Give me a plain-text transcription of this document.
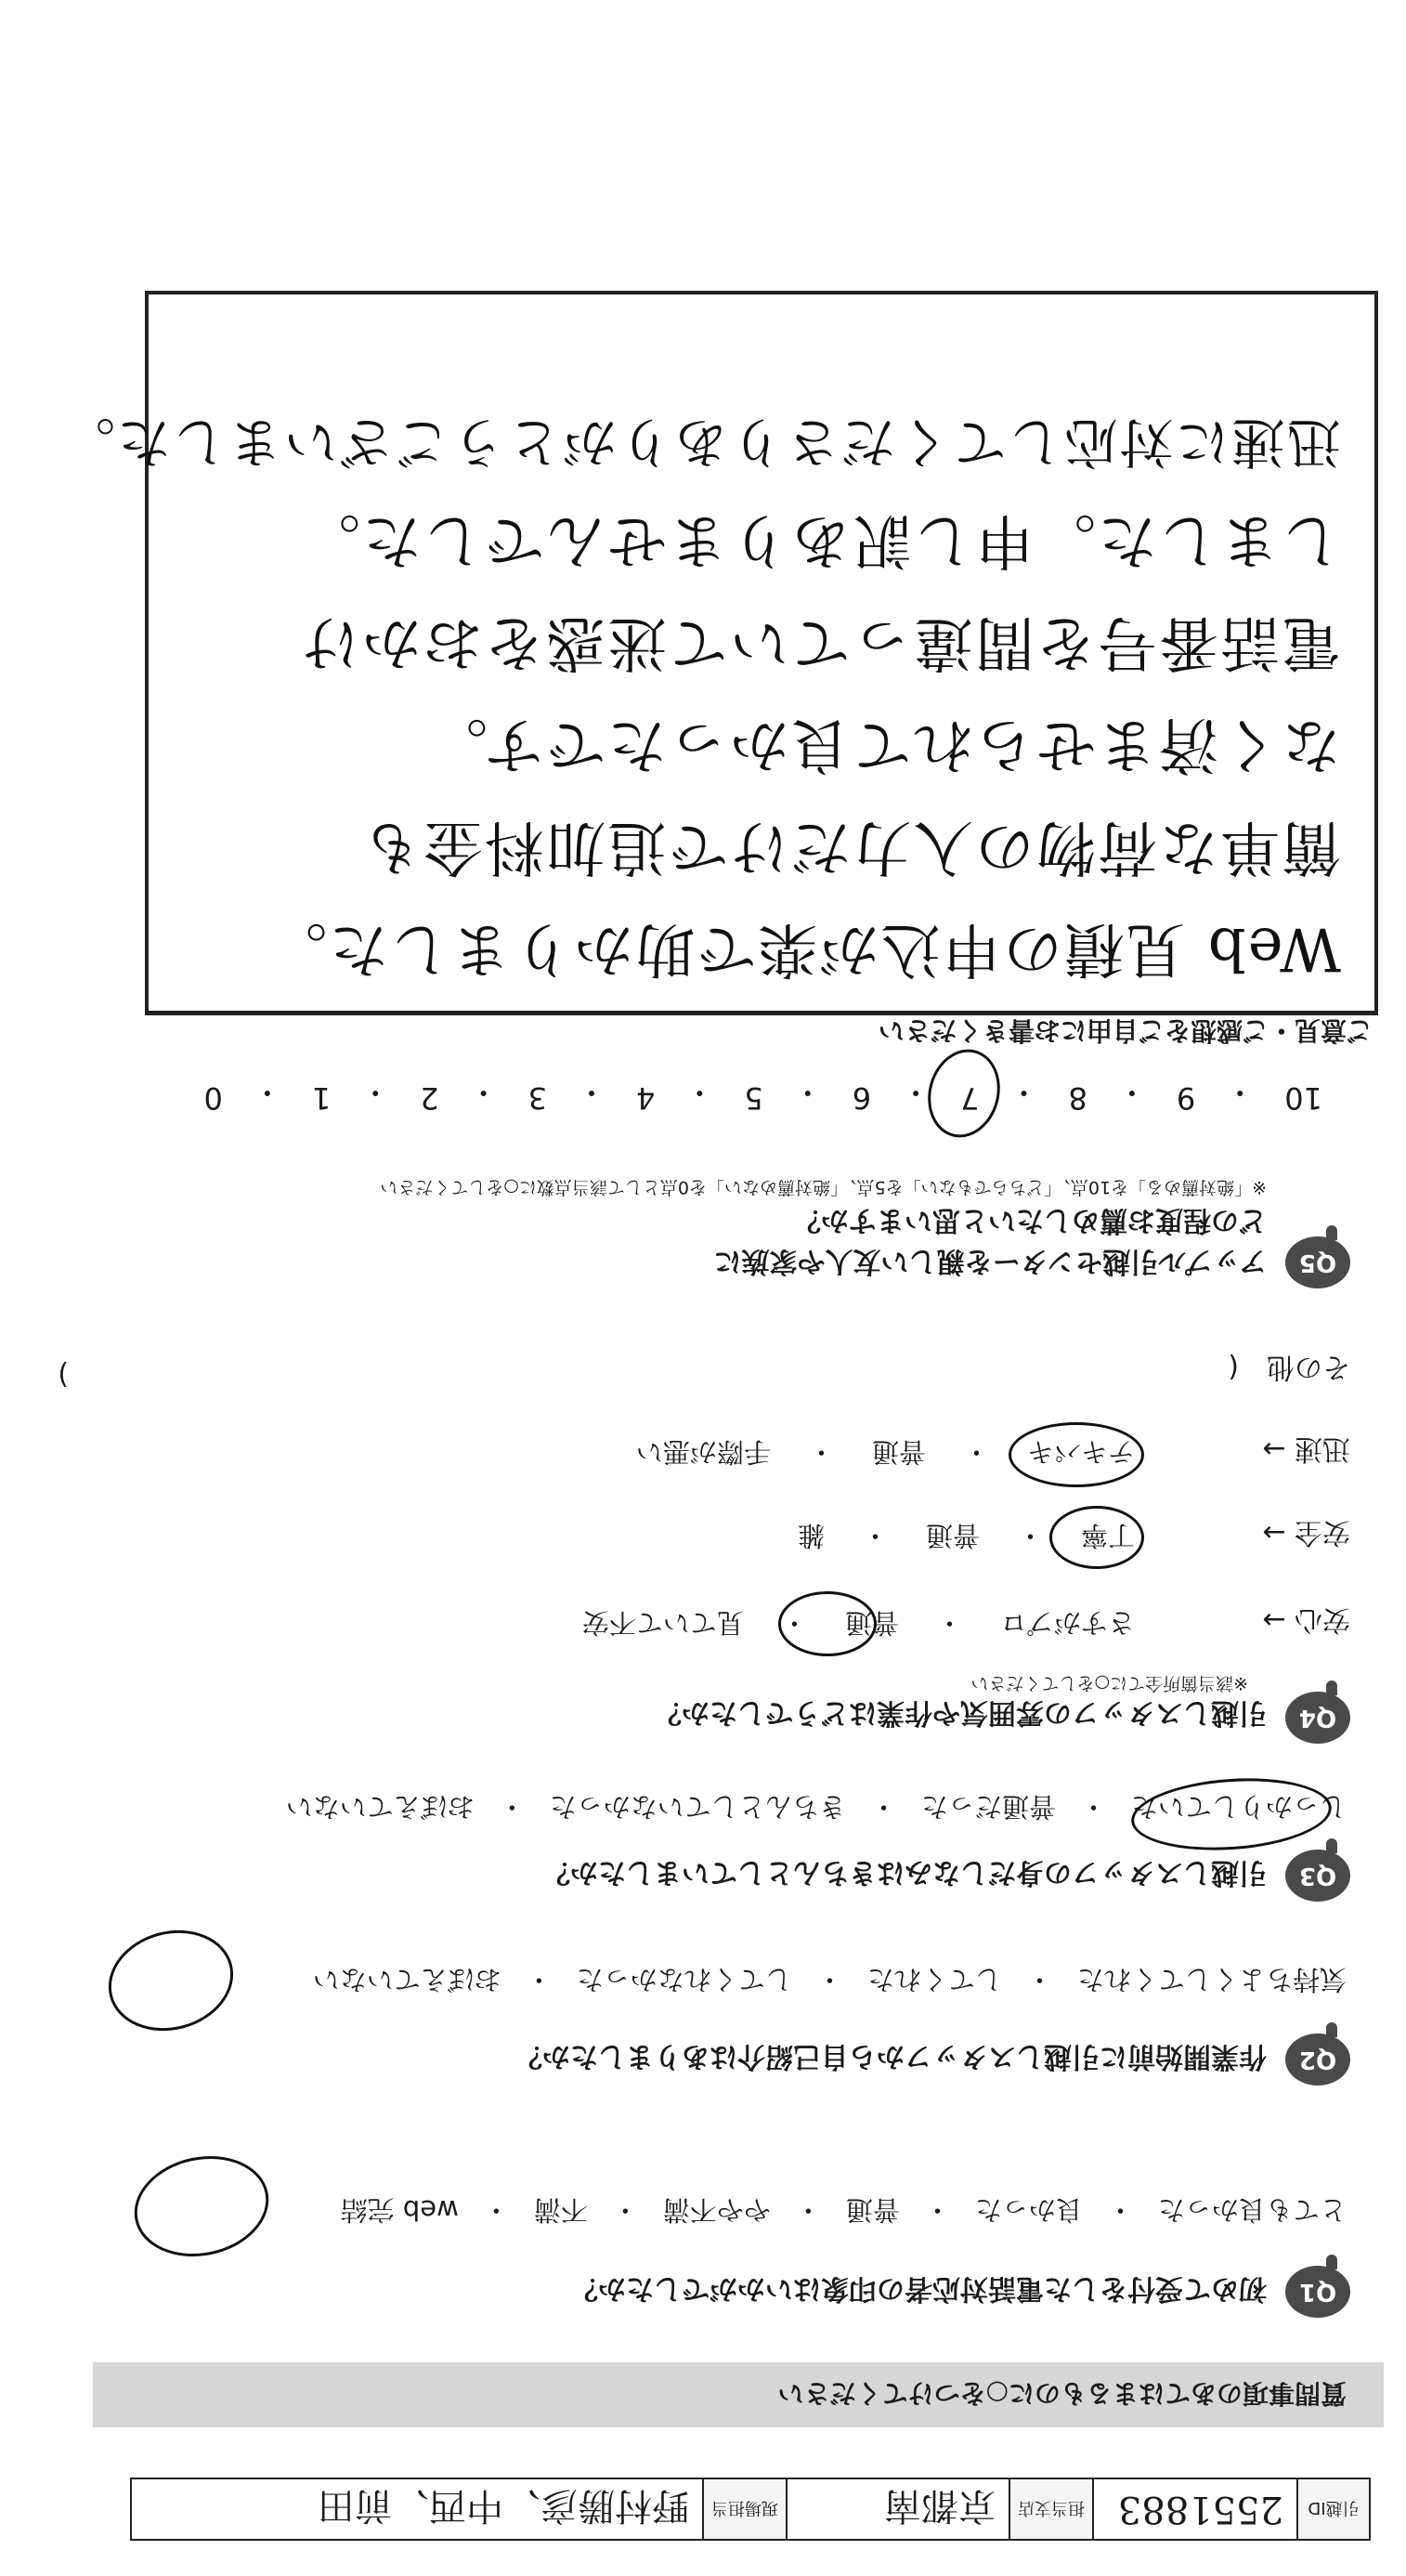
引越ID
2551883
担当支店
京都南
現場担当
野村勝彦、中西、前田
質問事項のあてはまるものに○をつけてください
Q1
初めて受付をした電話対応者の印象はいかがでしたか？
とても良かった
・
良かった
・
普通
・
やや不満
・
不満
・
web 完結
Q2
作業開始前に引越しスタッフから自己紹介はありましたか？
気持ちよくしてくれた
・
してくれた
・
してくれなかった
・
おぼえていない
Q3
引越しスタッフの身だしなみはきちんとしていましたか？
しっかりしていた
・
普通だった
・
きちんとしていなかった
・
おぼえていない
Q4
引越しスタッフの雰囲気や作業はどうでしたか？
※該当箇所全てに○をしてください
安心 →
さすがプロ
・
普通
・
見ていて不安
安全 →
丁寧
・
普通
・
雑
迅速 →
テキパキ
・
普通
・
手際が悪い
その他　(
)
Q5
アップル引越センターを親しい友人や家族に
どの程度お薦めしたいと思いますか？
※「絶対薦める」を10点、「どちらでもない」を5点、「絶対薦めない」を0点として該当点数に○をしてください
10
・
9
・
8
・
7
・
6
・
5
・
4
・
3
・
2
・
1
・
0
ご意見・ご感想をご自由にお書きください
Web 見積の申込が楽で助かりました。
簡単な荷物の入力だけで追加料金も
なく済ませられて良かったです。
電話番号を間違っていて迷惑をおかけ
しました。申し訳ありませんでした。
迅速に対応してくださりありがとうございました。
